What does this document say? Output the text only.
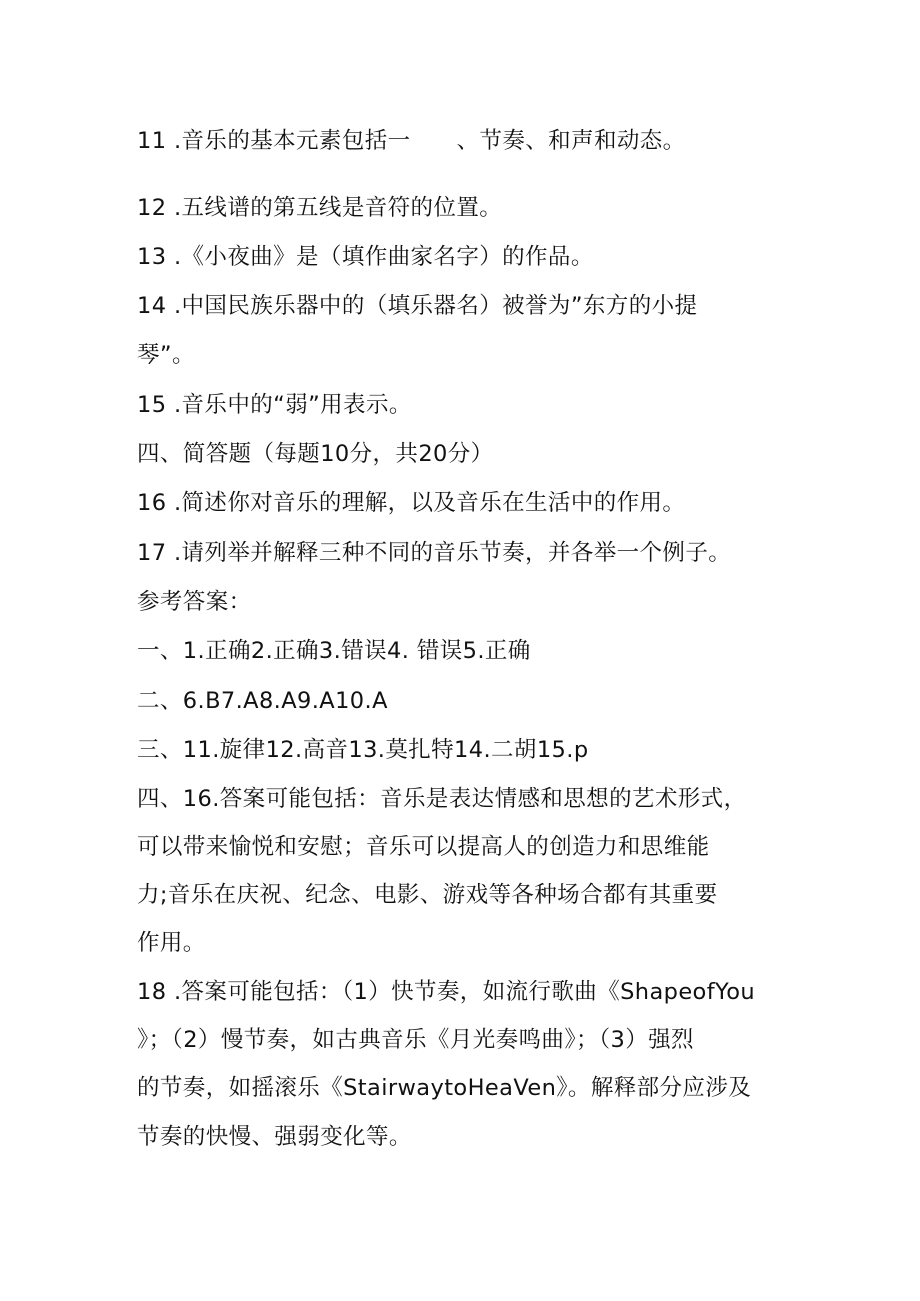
11 .音乐的基本元素包括一 、节奏、和声和动态。
12 .五线谱的第五线是音符的位置。
13 .《小夜曲》是（填作曲家名字）的作品。
14 .中国民族乐器中的（填乐器名）被誉为”东方的小提
琴”。
15 .音乐中的“弱”用表示。
四、简答题（每题10分，共20分）
16 .简述你对音乐的理解，以及音乐在生活中的作用。
17 .请列举并解释三种不同的音乐节奏，并各举一个例子。
参考答案：
一、1.正确2.正确3.错误4. 错误5.正确
二、6.B7.A8.A9.A10.A
三、11.旋律12.高音13.莫扎特14.二胡15.p
四、16.答案可能包括：音乐是表达情感和思想的艺术形式，
可以带来愉悦和安慰；音乐可以提高人的创造力和思维能
力;音乐在庆祝、纪念、电影、游戏等各种场合都有其重要
作用。
18 .答案可能包括：（1）快节奏，如流行歌曲《ShapeofYou
》；（2）慢节奏，如古典音乐《月光奏鸣曲》；（3）强烈
的节奏，如摇滚乐《StairwaytoHeaVen》。解释部分应涉及
节奏的快慢、强弱变化等。
